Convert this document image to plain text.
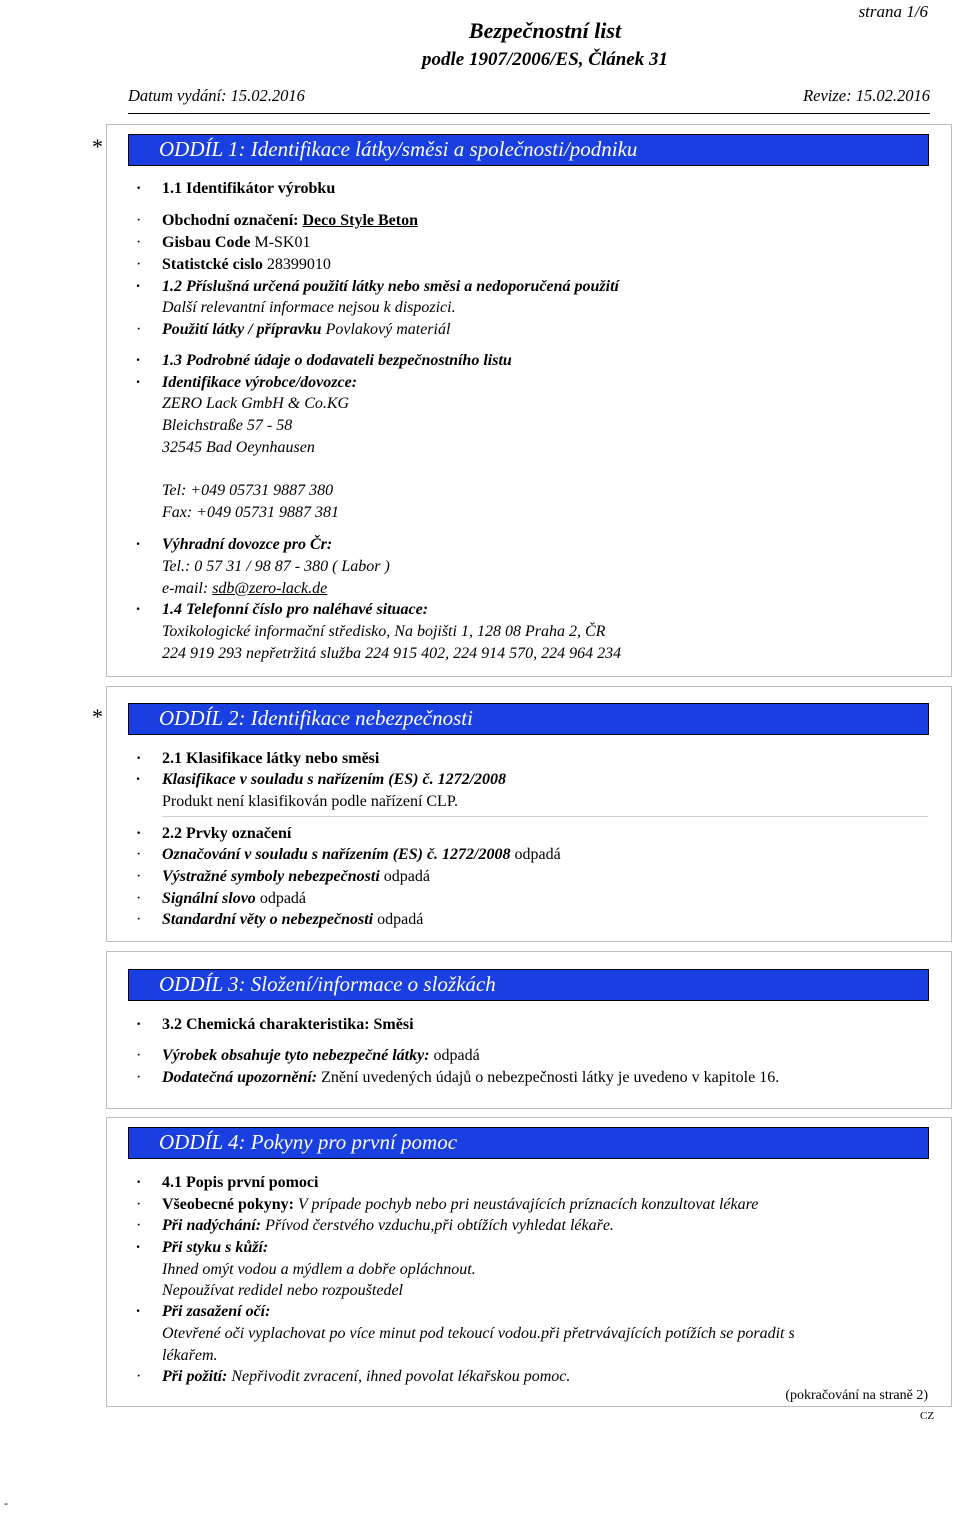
strana 1/6
Bezpečnostní list
podle 1907/2006/ES, Článek 31
Datum vydání: 15.02.2016	Revize: 15.02.2016
*	ODDÍL 1: Identifikace látky/směsi a společnosti/podniku
· 1.1 Identifikátor výrobku
· Obchodní označení: Deco Style Beton
· Gisbau Code M-SK01
· Statistcké cislo 28399010
· 1.2 Příslušná určená použití látky nebo směsi a nedoporučená použití
Další relevantní informace nejsou k dispozici.
· Použití látky / přípravku Povlakový materiál
· 1.3 Podrobné údaje o dodavateli bezpečnostního listu
· Identifikace výrobce/dovozce:
ZERO Lack GmbH & Co.KG
Bleichstraße 57 - 58
32545 Bad Oeynhausen
Tel: +049 05731 9887 380
Fax: +049 05731 9887 381
· Výhradní dovozce pro Čr:
Tel.: 0 57 31 / 98 87 - 380 ( Labor )
e-mail: sdb@zero-lack.de
· 1.4 Telefonní číslo pro naléhavé situace:
Toxikologické informační středisko, Na bojišti 1, 128 08 Praha 2, ČR
224 919 293 nepřetržitá služba 224 915 402, 224 914 570, 224 964 234
*	ODDÍL 2: Identifikace nebezpečnosti
· 2.1 Klasifikace látky nebo směsi
· Klasifikace v souladu s nařízením (ES) č. 1272/2008
Produkt není klasifikován podle nařízení CLP.
· 2.2 Prvky označení
· Označování v souladu s nařízením (ES) č. 1272/2008 odpadá
· Výstražné symboly nebezpečnosti odpadá
· Signální slovo odpadá
· Standardní věty o nebezpečnosti odpadá
ODDÍL 3: Složení/informace o složkách
· 3.2 Chemická charakteristika: Směsi
· Výrobek obsahuje tyto nebezpečné látky: odpadá
· Dodatečná upozornění: Znění uvedených údajů o nebezpečnosti látky je uvedeno v kapitole 16.
ODDÍL 4: Pokyny pro první pomoc
· 4.1 Popis první pomoci
· Všeobecné pokyny: V prípade pochyb nebo pri neustávajících príznacích konzultovat lékare
· Při nadýchání: Přívod čerstvého vzduchu,při obtížích vyhledat lékaře.
· Při styku s kůží:
Ihned omýt vodou a mýdlem a dobře opláchnout.
Nepoužívat redidel nebo rozpouštedel
· Při zasažení očí:
Otevřené oči vyplachovat po více minut pod tekoucí vodou.při přetrvávajících potížích se poradit s
lékařem.
· Při požití: Nepřivodit zvracení, ihned povolat lékařskou pomoc.
(pokračování na straně 2)
CZ
-
